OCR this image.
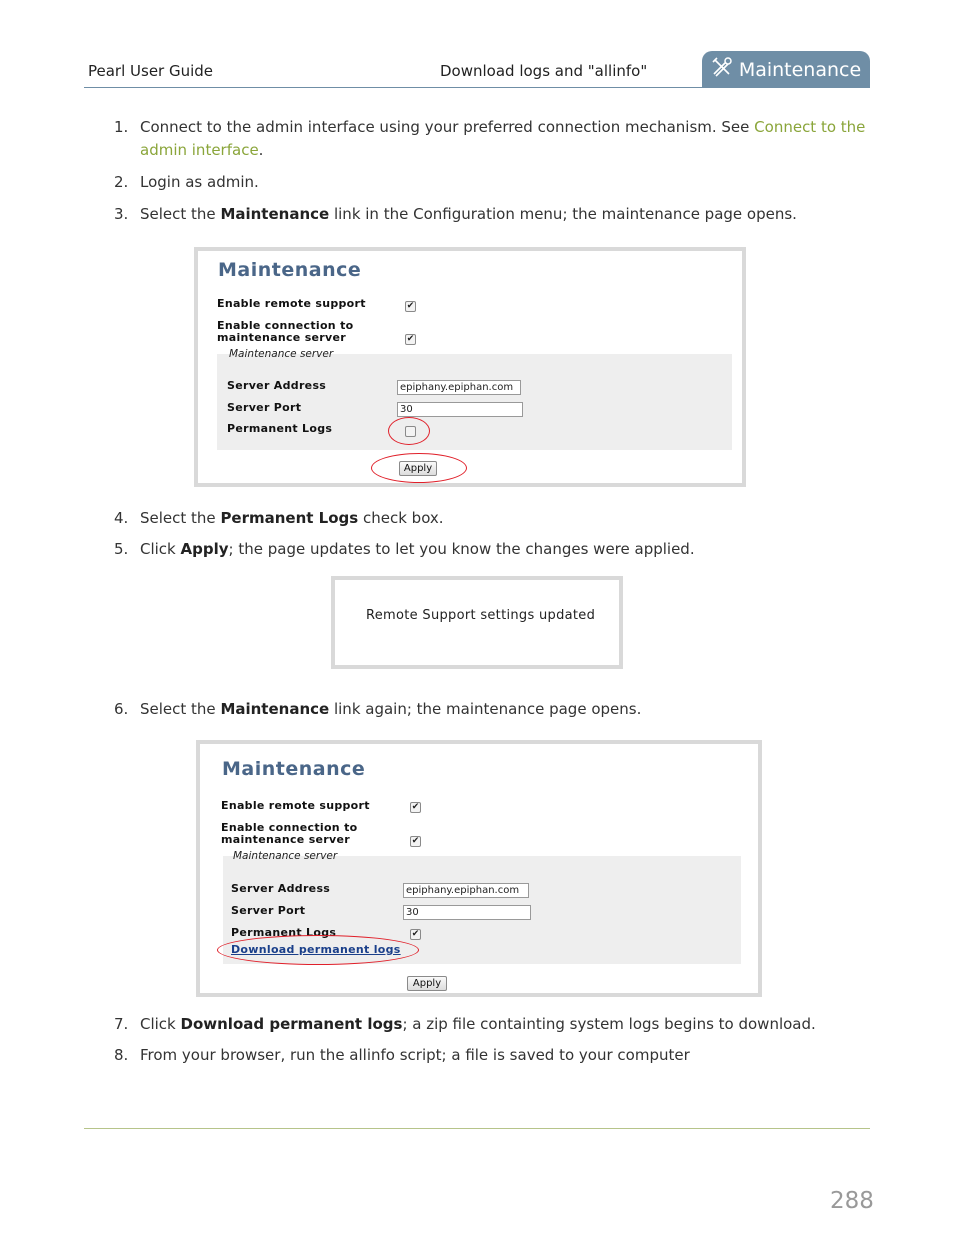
Pearl User Guide	Download logs and "allinfo"	Maintenance
1. Connect to the admin interface using your preferred connection mechanism. See Connect to the admin interface.
2. Login as admin.
3. Select the Maintenance link in the Configuration menu; the maintenance page opens.
Maintenance
Enable remote support	✔
Enable connection to
maintenance server	✔
Maintenance server
Server Address	epiphany.epiphan.com
Server Port	30
Permanent Logs
Apply
4. Select the Permanent Logs check box.
5. Click Apply; the page updates to let you know the changes were applied.
Remote Support settings updated
6. Select the Maintenance link again; the maintenance page opens.
Maintenance
Enable remote support	✔
Enable connection to
maintenance server	✔
Maintenance server
Server Address	epiphany.epiphan.com
Server Port	30
Permanent Logs	✔
Download permanent logs
Apply
7. Click Download permanent logs; a zip file containting system logs begins to download.
8. From your browser, run the allinfo script; a file is saved to your computer
288
